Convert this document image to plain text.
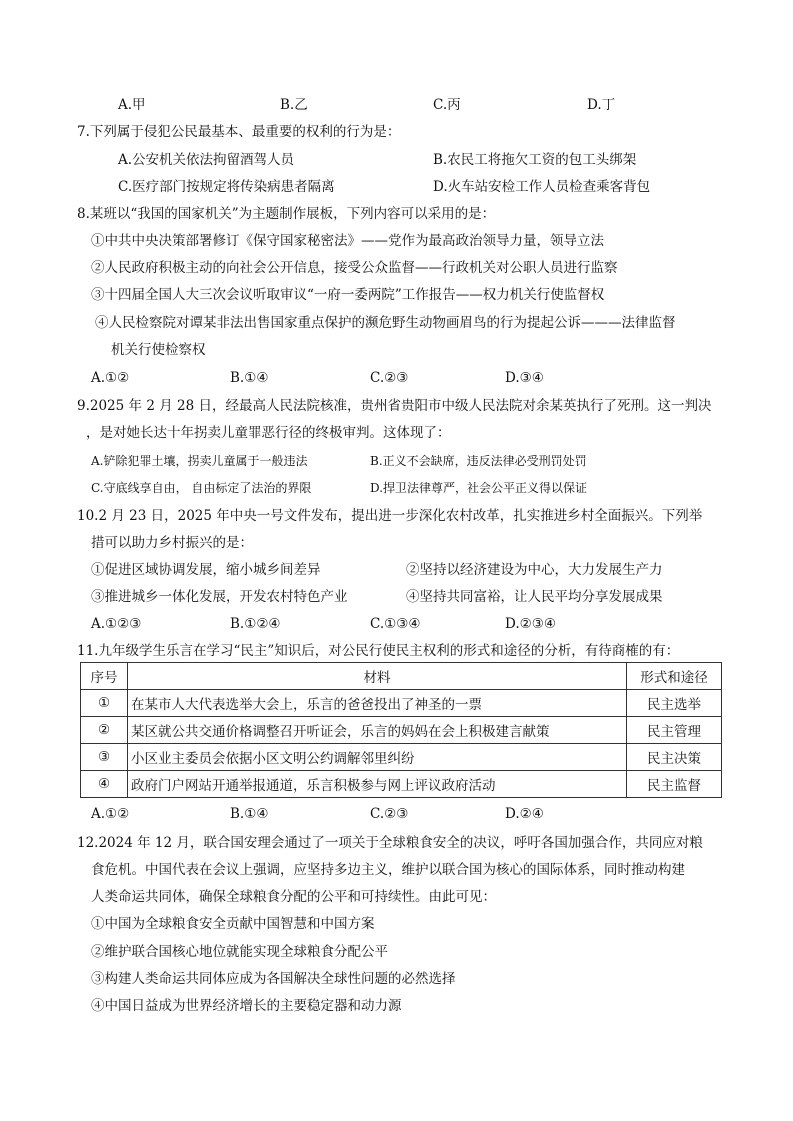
A.甲	B.乙	C.丙	D.丁
7.下列属于侵犯公民最基本、最重要的权利的行为是：
A.公安机关依法拘留酒驾人员	B.农民工将拖欠工资的包工头绑架
C.医疗部门按规定将传染病患者隔离	D.火车站安检工作人员检查乘客背包
8.某班以“我国的国家机关”为主题制作展板，下列内容可以采用的是：
①中共中央决策部署修订《保守国家秘密法》——党作为最高政治领导力量，领导立法
②人民政府积极主动的向社会公开信息，接受公众监督——行政机关对公职人员进行监察
③十四届全国人大三次会议听取审议“一府一委两院”工作报告——权力机关行使监督权
④人民检察院对谭某非法出售国家重点保护的濒危野生动物画眉鸟的行为提起公诉———法律监督
机关行使检察权
A.①②	B.①④	C.②③	D.③④
9.2025 年 2 月 28 日，经最高人民法院核准，贵州省贵阳市中级人民法院对余某英执行了死刑。这一判决
，是对她长达十年拐卖儿童罪恶行径的终极审判。这体现了：
A.铲除犯罪土壤，拐卖儿童属于一般违法	B.正义不会缺席，违反法律必受刑罚处罚
C.守底线享自由， 自由标定了法治的界限	D.捍卫法律尊严，社会公平正义得以保证
10.2 月 23 日，2025 年中央一号文件发布，提出进一步深化农村改革，扎实推进乡村全面振兴。下列举
措可以助力乡村振兴的是：
①促进区域协调发展，缩小城乡间差异	②坚持以经济建设为中心，大力发展生产力
③推进城乡一体化发展，开发农村特色产业	④坚持共同富裕，让人民平均分享发展成果
A.①②③	B.①②④	C.①③④	D.②③④
11.九年级学生乐言在学习“民主”知识后，对公民行使民主权利的形式和途径的分析，有待商榷的有：
序号	材料	形式和途径
①	在某市人大代表选举大会上，乐言的爸爸投出了神圣的一票	民主选举
②	某区就公共交通价格调整召开听证会，乐言的妈妈在会上积极建言献策	民主管理
③	小区业主委员会依据小区文明公约调解邻里纠纷	民主决策
④	政府门户网站开通举报通道，乐言积极参与网上评议政府活动	民主监督
A.①②	B.①④	C.②③	D.②④
12.2024 年 12 月，联合国安理会通过了一项关于全球粮食安全的决议，呼吁各国加强合作，共同应对粮
食危机。中国代表在会议上强调，应坚持多边主义，维护以联合国为核心的国际体系，同时推动构建
人类命运共同体，确保全球粮食分配的公平和可持续性。由此可见：
①中国为全球粮食安全贡献中国智慧和中国方案
②维护联合国核心地位就能实现全球粮食分配公平
③构建人类命运共同体应成为各国解决全球性问题的必然选择
④中国日益成为世界经济增长的主要稳定器和动力源
